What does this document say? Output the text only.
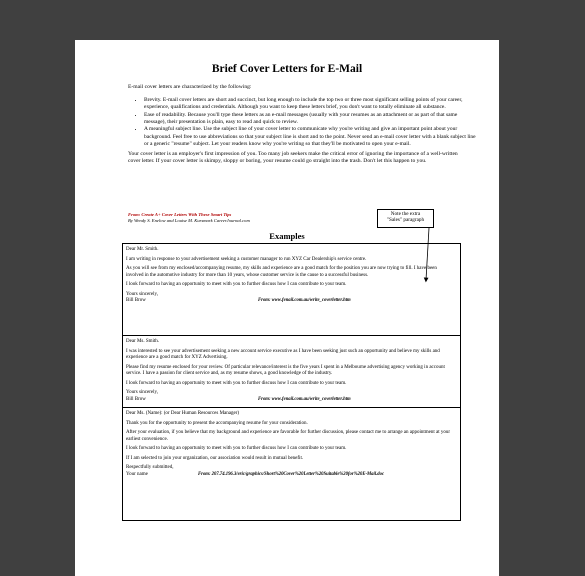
Brief Cover Letters for E-Mail
E-mail cover letters are characterized by the following:
• Brevity. E-mail cover letters are short and succinct, but long enough to include the top two or three most significant selling points of your career, experience, qualifications and credentials. Although you want to keep these letters brief, you don't want to totally eliminate all substance.
• Ease of readability. Because you'll type these letters as an e-mail messages (usually with your resumes as an attachment or as part of that same message), their presentation is plain, easy to read and quick to review.
• A meaningful subject line. Use the subject line of your cover letter to communicate why you're writing and give an important point about your background. Feel free to use abbreviations so that your subject line is short and to the point. Never send an e-mail cover letter with a blank subject line or a generic "resume" subject. Let your readers know why you're writing so that they'll be motivated to open your e-mail.
Your cover letter is an employer's first impression of you. Too many job seekers make the critical error of ignoring the importance of a well-written cover letter. If your cover letter is skimpy, sloppy or boring, your resume could go straight into the trash. Don't let this happen to you.
From: Create A+ Cover Letters With These Smart Tips
By Wendy S. Enelow and Louise M. Kursmark CareerJournal.com
Note the extra
"Sales" paragraph
Examples

Dear Mr. Smith.

I am writing in response to your advertisement seeking a customer manager to run XYZ Car Dealership's service centre.

As you will see from my enclosed/accompanying resume, my skills and experience are a good match for the position you are now trying to fill. I have been involved in the automotive industry for more than 10 years, whose customer service is the cause to a successful business.

I look forward to having an opportunity to meet with you to further discuss how I can contribute to your team.

Yours sincerely,
Bill Brow	From: www.fenail.com.au/write_coverletter.htm

Dear Ms. Smith.

I was interested to see your advertisement seeking a new account service executive as I have been seeking just such an opportunity and believe my skills and experience are a good match for XYZ Advertising.

Please find my resume enclosed for your review. Of particular relevance/interest is the five years I spent in a Melbourne advertising agency working in account service. I have a passion for client service and, as my resume shows, a good knowledge of the industry.

I look forward to having an opportunity to meet with you to further discuss how I can contribute to your team.

Yours sincerely,
Bill Brow	From: www.fenail.com.au/write_coverletter.htm

Dear Ms. (Name): (or Dear Human Resources Manager)

Thank you for the opportunity to present the accompanying resume for your consideration.

After your evaluation, if you believe that my background and experience are favorable for further discussion, please contact me to arrange an appointment at your earliest convenience.

I look forward to having an opportunity to meet with you to further discuss how I can contribute to your team.

If I am selected to join your organization, our association would result in mutual benefit.

Respectfully submitted,
Your name	From: 207.74.196.3/eric/graphics/Short%20Cover%20Letter%20Suitable%20for%20E-Mail.doc
